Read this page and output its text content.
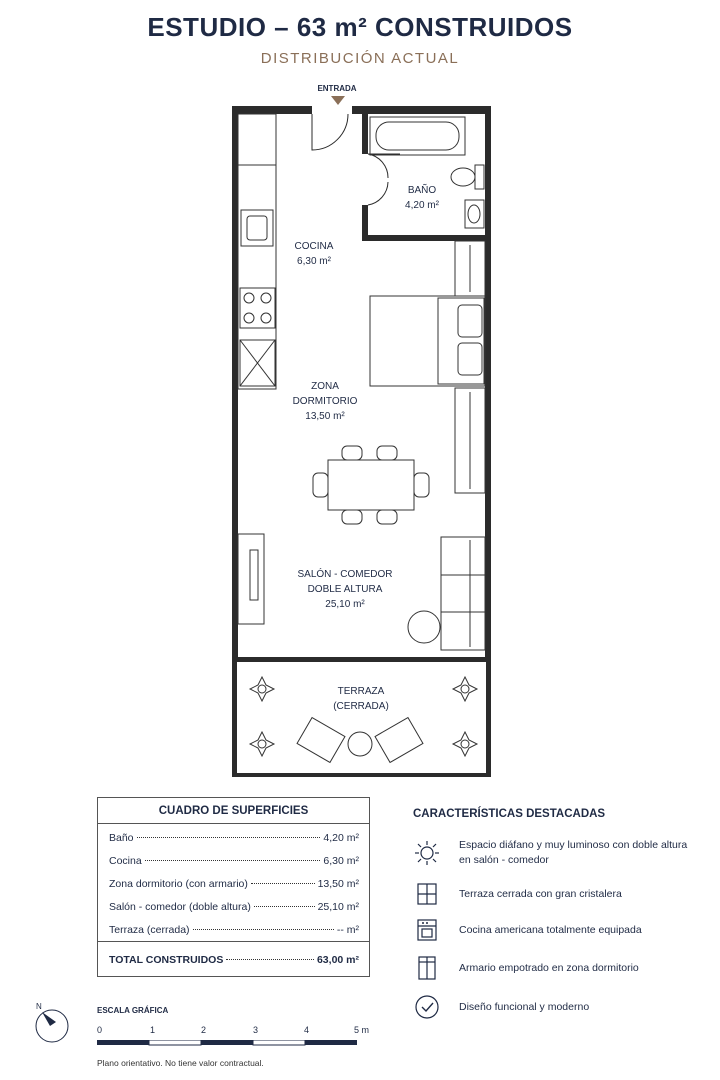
ESTUDIO – 63 m² CONSTRUIDOS
DISTRIBUCIÓN ACTUAL
ENTRADA
BAÑO
4,20 m²
COCINA
6,30 m²
ZONA
DORMITORIO
13,50 m²
SALÓN - COMEDOR
DOBLE ALTURA
25,10 m²
TERRAZA
(CERRADA)
CUADRO DE SUPERFICIES
Baño	4,20 m²
Cocina	6,30 m²
Zona dormitorio (con armario)	13,50 m²
Salón - comedor (doble altura)	25,10 m²
Terraza (cerrada)	-- m²
TOTAL CONSTRUIDOS	63,00 m²
CARACTERÍSTICAS DESTACADAS
Espacio diáfano y muy luminoso con doble altura en salón - comedor
Terraza cerrada con gran cristalera
Cocina americana totalmente equipada
Armario empotrado en zona dormitorio
Diseño funcional y moderno
N	ESCALA GRÁFICA
0	1	2	3	4	5 m
Plano orientativo. No tiene valor contractual.
